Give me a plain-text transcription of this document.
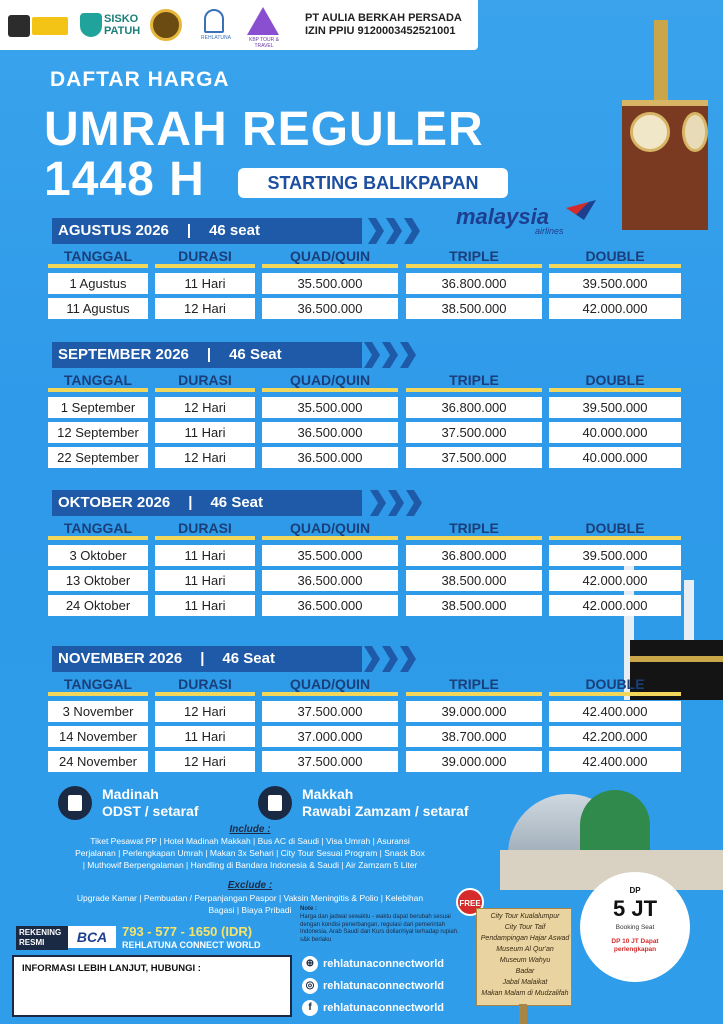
SISKO
PATUH
REHLATUNA	KBP TOUR & TRAVEL
PT AULIA BERKAH PERSADA
IZIN PPIU 9120003452521001
DAFTAR HARGA
UMRAH REGULER
1448 H	STARTING BALIKPAPAN
malaysia
airlines
AGUSTUS 2026 | 46 seat
TANGGAL	DURASI	QUAD/QUIN	TRIPLE	DOUBLE
1 Agustus	11 Hari	35.500.000	36.800.000	39.500.000
11 Agustus	12 Hari	36.500.000	38.500.000	42.000.000
SEPTEMBER 2026 | 46 Seat
TANGGAL	DURASI	QUAD/QUIN	TRIPLE	DOUBLE
1 September	12 Hari	35.500.000	36.800.000	39.500.000
12 September	11 Hari	36.500.000	37.500.000	40.000.000
22 September	12 Hari	36.500.000	37.500.000	40.000.000
OKTOBER 2026 | 46 Seat
TANGGAL	DURASI	QUAD/QUIN	TRIPLE	DOUBLE
3 Oktober	11 Hari	35.500.000	36.800.000	39.500.000
13 Oktober	11 Hari	36.500.000	38.500.000	42.000.000
24 Oktober	11 Hari	36.500.000	38.500.000	42.000.000
NOVEMBER 2026 | 46 Seat
TANGGAL	DURASI	QUAD/QUIN	TRIPLE	DOUBLE
3 November	12 Hari	37.500.000	39.000.000	42.400.000
14 November	11 Hari	37.000.000	38.700.000	42.200.000
24 November	12 Hari	37.500.000	39.000.000	42.400.000
Madinah
ODST / setaraf
Makkah
Rawabi Zamzam / setaraf
Include :
Tiket Pesawat PP | Hotel Madinah Makkah | Bus AC di Saudi | Visa Umrah | Asuransi
Perjalanan | Perlengkapan Umrah | Makan 3x Sehari | City Tour Sesuai Program | Snack Box
| Muthowif Berpengalaman | Handling di Bandara Indonesia & Saudi | Air Zamzam 5 Liter
Exclude :
Upgrade Kamar | Pembuatan / Perpanjangan Paspor | Vaksin Meningitis & Polio | Kelebihan
Bagasi | Biaya Pribadi	Note :
Harga dan jadwal sewaktu - waktu dapat berubah sesuai dengan kondisi penerbangan, regulasi dari pemerintah Indonesia, Arab Saudi dan Kurs dollar/riyal terhadap rupiah. s&k berlaku
FREE
City Tour Kualalumpur
City Tour Taif
Pendampingan Hajar Aswad
Museum Al Qur'an
Museum Wahyu
Badar
Jabal Malaikat
Makan Malam di Mudzalifah
DP
5 JT
Booking Seat
DP 10 JT Dapat perlengkapan
REKENING RESMI	BCA	793 - 577 - 1650 (IDR)
REHLATUNA CONNECT WORLD
INFORMASI LEBIH LANJUT, HUBUNGI :	⊕ rehlatunaconnectworld
◎ rehlatunaconnectworld
f	rehlatunaconnectworld
